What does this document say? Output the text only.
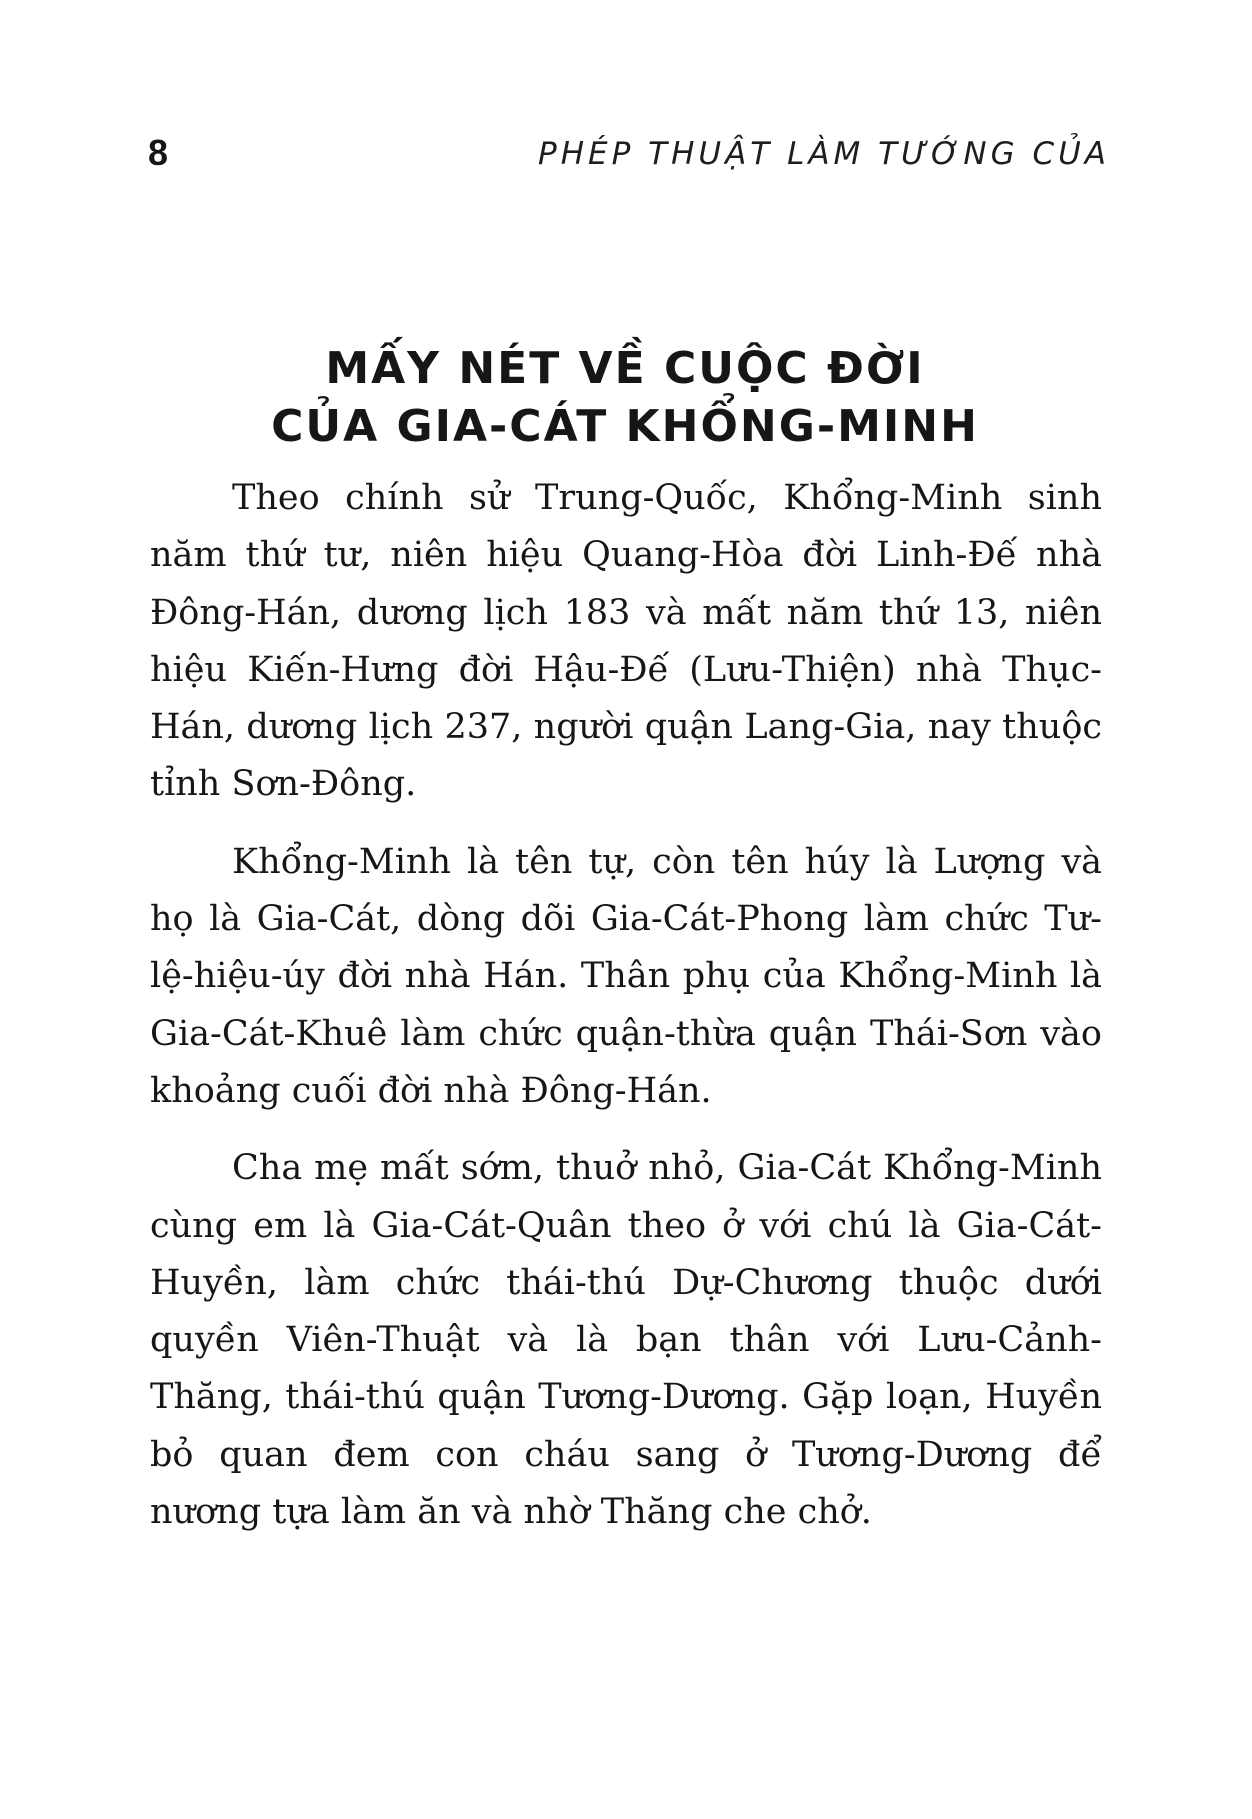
8	PHÉP THUẬT LÀM TƯỚNG CỦA
MẤY NÉT VỀ CUỘC ĐỜI
CỦA GIA-CÁT KHỔNG-MINH

Theo chính sử Trung-Quốc, Khổng-Minh sinh năm thứ tư, niên hiệu Quang-Hòa đời Linh-Đế nhà Đông-Hán, dương lịch 183 và mất năm thứ 13, niên hiệu Kiến-Hưng đời Hậu-Đế (Lưu-Thiện) nhà Thục-Hán, dương lịch 237, người quận Lang-Gia, nay thuộc tỉnh Sơn-Đông.

Khổng-Minh là tên tự, còn tên húy là Lượng và họ là Gia-Cát, dòng dõi Gia-Cát-Phong làm chức Tư-lệ-hiệu-úy đời nhà Hán. Thân phụ của Khổng-Minh là Gia-Cát-Khuê làm chức quận-thừa quận Thái-Sơn vào khoảng cuối đời nhà Đông-Hán.

Cha mẹ mất sớm, thuở nhỏ, Gia-Cát Khổng-Minh cùng em là Gia-Cát-Quân theo ở với chú là Gia-Cát-Huyền, làm chức thái-thú Dự-Chương thuộc dưới quyền Viên-Thuật và là bạn thân với Lưu-Cảnh-Thăng, thái-thú quận Tương-Dương. Gặp loạn, Huyền bỏ quan đem con cháu sang ở Tương-Dương để nương tựa làm ăn và nhờ Thăng che chở.
